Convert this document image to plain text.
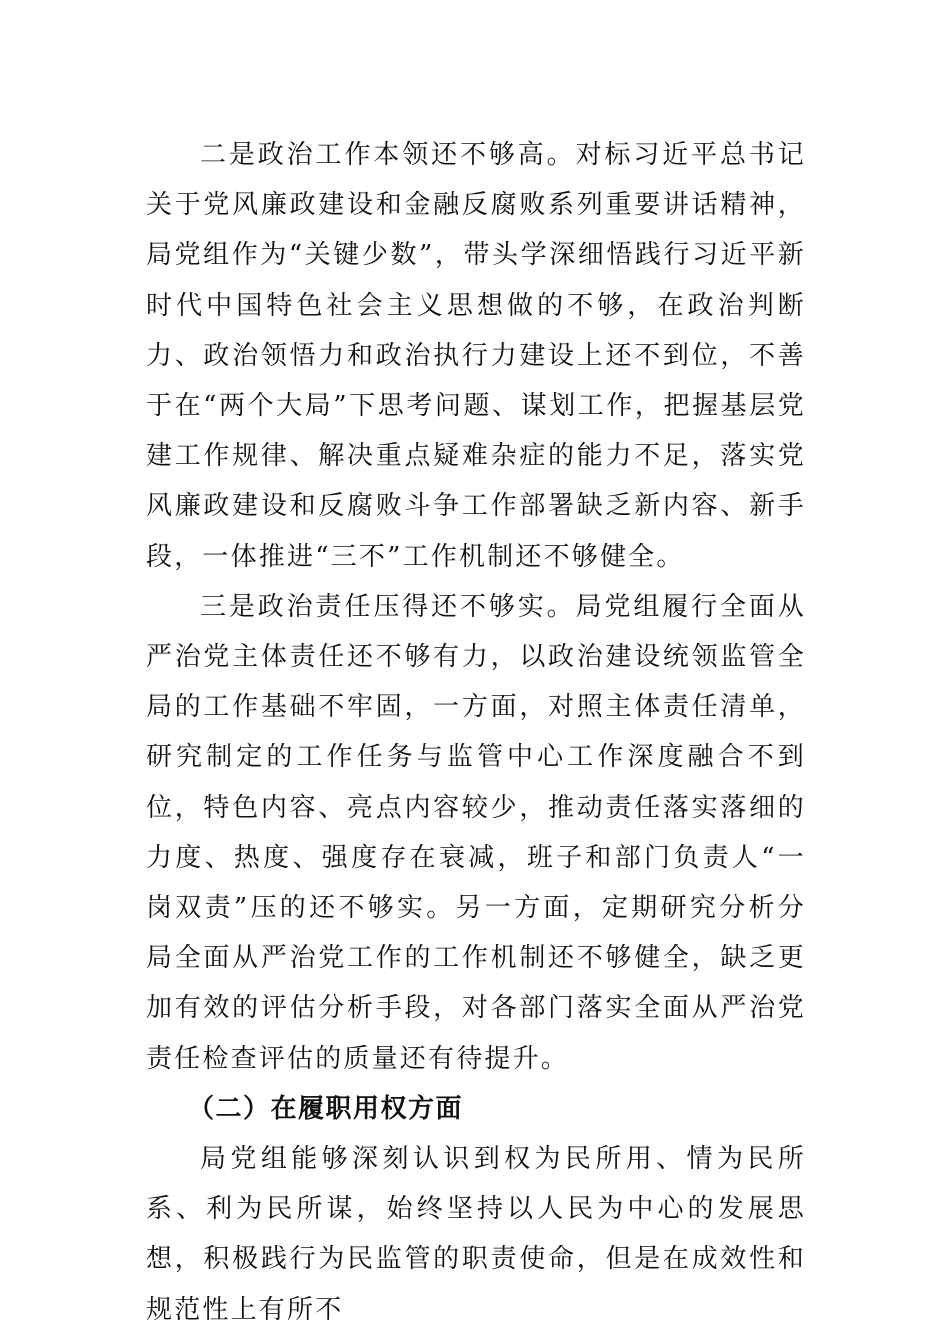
二是政治工作本领还不够高。对标习近平总书记关于党风廉政建设和金融反腐败系列重要讲话精神，局党组作为“关键少数”，带头学深细悟践行习近平新时代中国特色社会主义思想做的不够，在政治判断力、政治领悟力和政治执行力建设上还不到位，不善于在“两个大局”下思考问题、谋划工作，把握基层党建工作规律、解决重点疑难杂症的能力不足，落实党风廉政建设和反腐败斗争工作部署缺乏新内容、新手段，一体推进“三不”工作机制还不够健全。

三是政治责任压得还不够实。局党组履行全面从严治党主体责任还不够有力，以政治建设统领监管全局的工作基础不牢固，一方面，对照主体责任清单，研究制定的工作任务与监管中心工作深度融合不到位，特色内容、亮点内容较少，推动责任落实落细的力度、热度、强度存在衰减，班子和部门负责人“一岗双责”压的还不够实。另一方面，定期研究分析分局全面从严治党工作的工作机制还不够健全，缺乏更加有效的评估分析手段，对各部门落实全面从严治党责任检查评估的质量还有待提升。

（二）在履职用权方面

局党组能够深刻认识到权为民所用、情为民所系、利为民所谋，始终坚持以人民为中心的发展思想，积极践行为民监管的职责使命，但是在成效性和规范性上有所不
